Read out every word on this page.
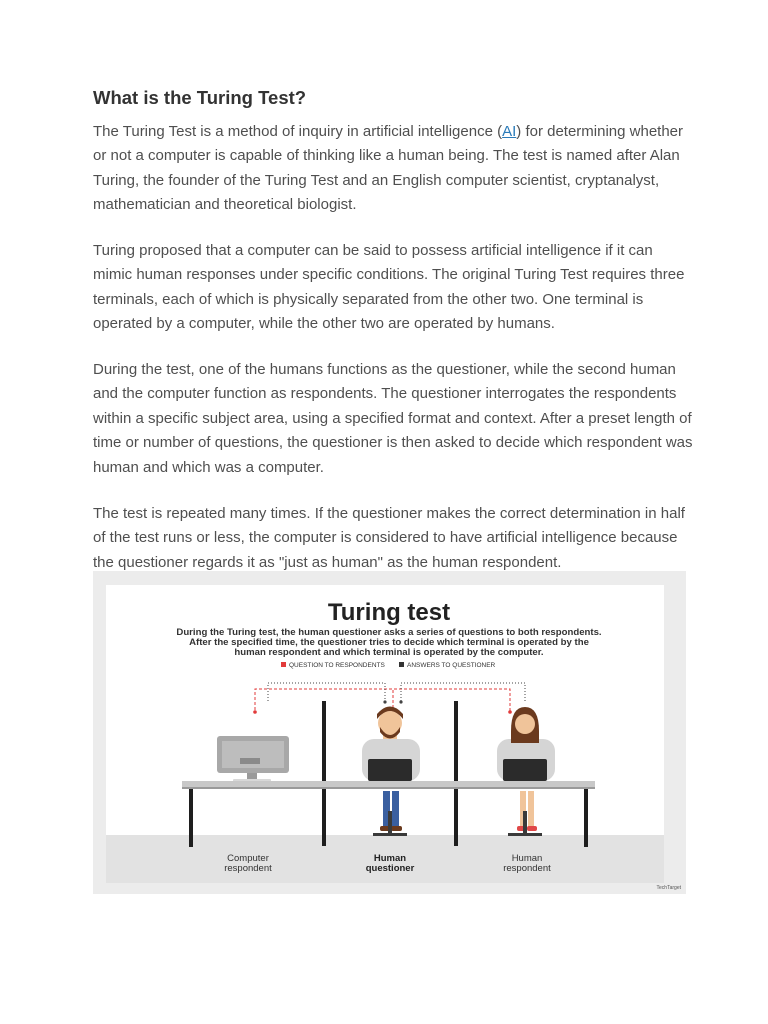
What is the Turing Test?

The Turing Test is a method of inquiry in artificial intelligence (AI) for determining whether or not a computer is capable of thinking like a human being. The test is named after Alan Turing, the founder of the Turing Test and an English computer scientist, cryptanalyst, mathematician and theoretical biologist.

Turing proposed that a computer can be said to possess artificial intelligence if it can mimic human responses under specific conditions. The original Turing Test requires three terminals, each of which is physically separated from the other two. One terminal is operated by a computer, while the other two are operated by humans.

During the test, one of the humans functions as the questioner, while the second human and the computer function as respondents. The questioner interrogates the respondents within a specific subject area, using a specified format and context. After a preset length of time or number of questions, the questioner is then asked to decide which respondent was human and which was a computer.

The test is repeated many times. If the questioner makes the correct determination in half of the test runs or less, the computer is considered to have artificial intelligence because the questioner regards it as "just as human" as the human respondent.

Turing test
During the Turing test, the human questioner asks a series of questions to both respondents.
After the specified time, the questioner tries to decide which terminal is operated by the
human respondent and which terminal is operated by the computer.
QUESTION TO RESPONDENTS	ANSWERS TO QUESTIONER
Computer
respondent
Human
questioner
Human
respondent
TechTarget
